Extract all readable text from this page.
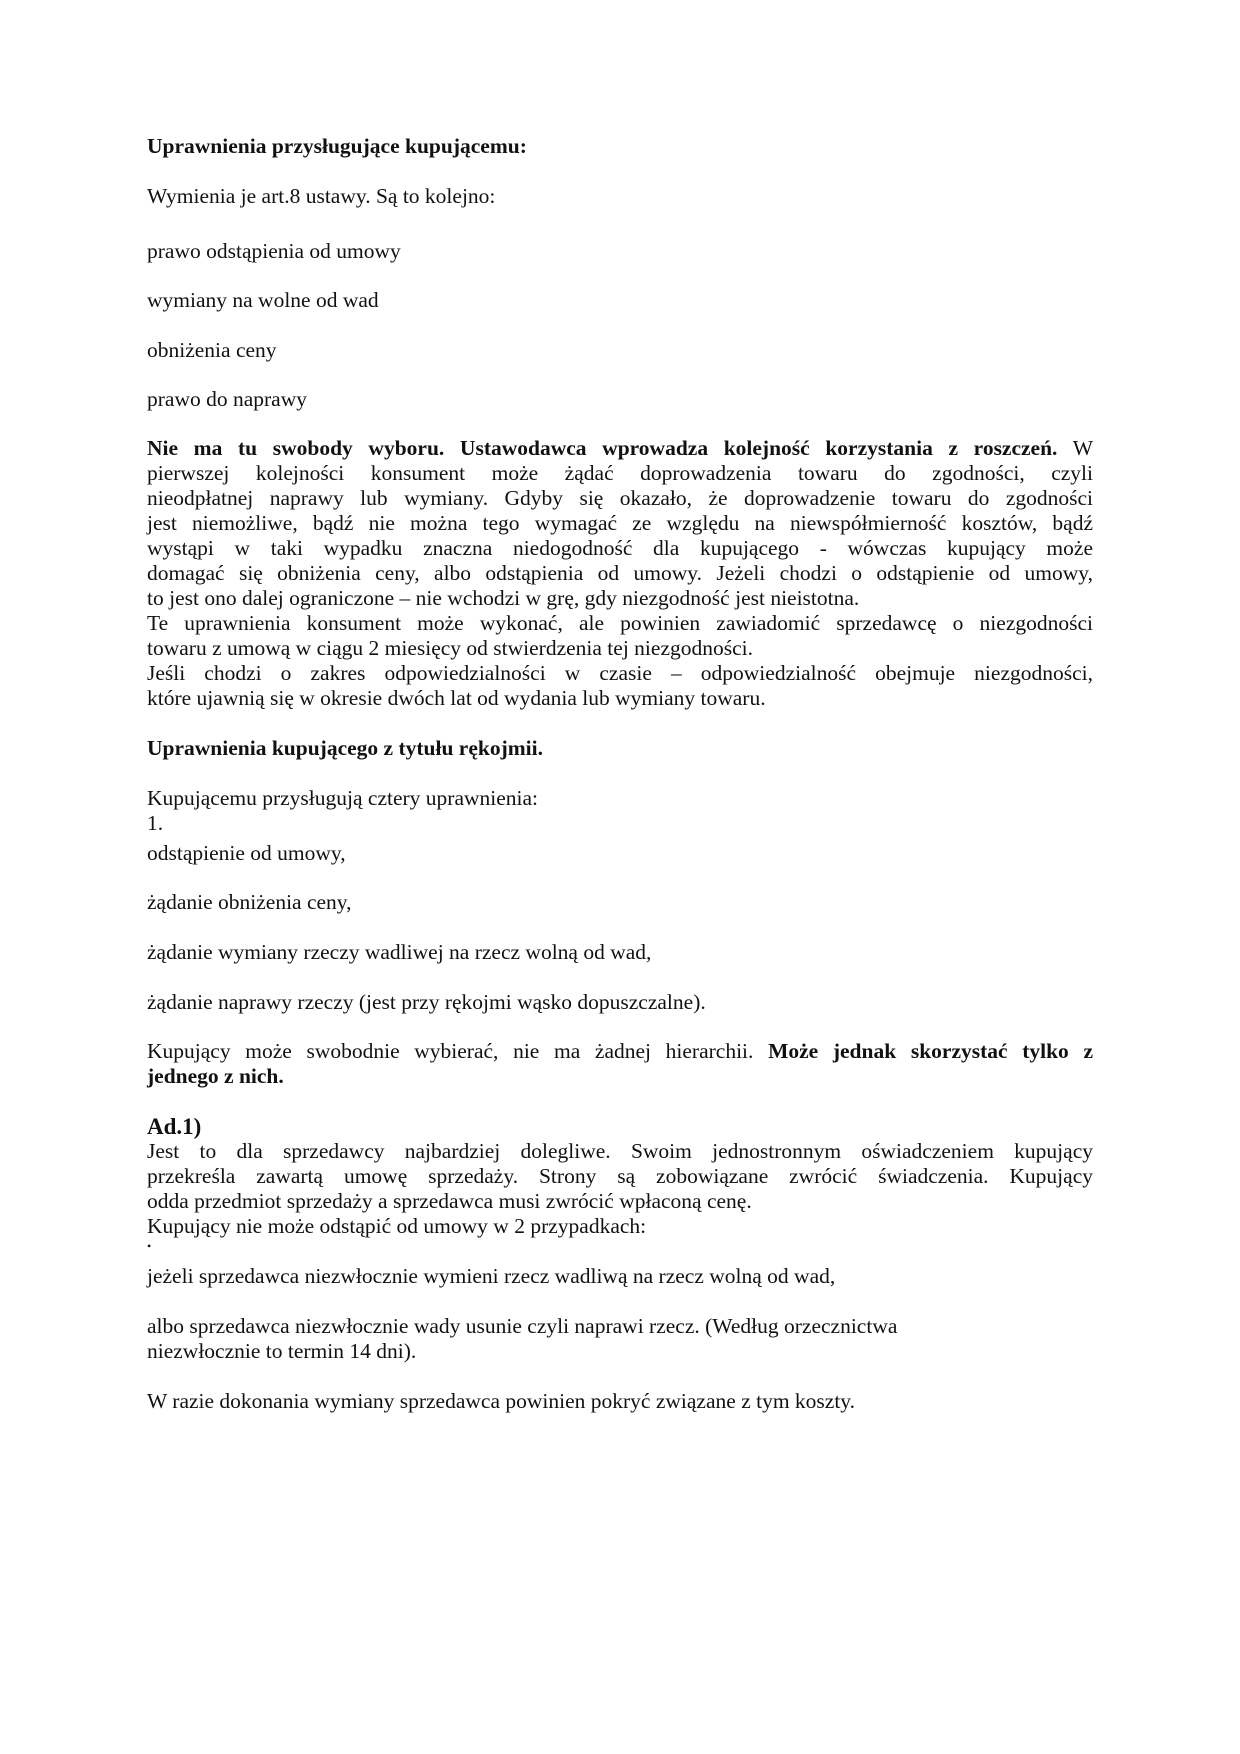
Uprawnienia przysługujące kupującemu:

Wymienia je art.8 ustawy. Są to kolejno:

prawo odstąpienia od umowy

wymiany na wolne od wad

obniżenia ceny

prawo do naprawy

Nie ma tu swobody wyboru. Ustawodawca wprowadza kolejność korzystania z roszczeń. W

pierwszej kolejności konsument może żądać doprowadzenia towaru do zgodności, czyli

nieodpłatnej naprawy lub wymiany. Gdyby się okazało, że doprowadzenie towaru do zgodności

jest niemożliwe, bądź nie można tego wymagać ze względu na niewspółmierność kosztów, bądź

wystąpi w taki wypadku znaczna niedogodność dla kupującego - wówczas kupujący może

domagać się obniżenia ceny, albo odstąpienia od umowy. Jeżeli chodzi o odstąpienie od umowy,

to jest ono dalej ograniczone – nie wchodzi w grę, gdy niezgodność jest nieistotna.

Te uprawnienia konsument może wykonać, ale powinien zawiadomić sprzedawcę o niezgodności

towaru z umową w ciągu 2 miesięcy od stwierdzenia tej niezgodności.

Jeśli chodzi o zakres odpowiedzialności w czasie – odpowiedzialność obejmuje niezgodności,

które ujawnią się w okresie dwóch lat od wydania lub wymiany towaru.

Uprawnienia kupującego z tytułu rękojmii.

Kupującemu przysługują cztery uprawnienia:

1.

odstąpienie od umowy,

żądanie obniżenia ceny,

żądanie wymiany rzeczy wadliwej na rzecz wolną od wad,

żądanie naprawy rzeczy (jest przy rękojmi wąsko dopuszczalne).

Kupujący może swobodnie wybierać, nie ma żadnej hierarchii. Może jednak skorzystać tylko z

jednego z nich.

Ad.1)

Jest to dla sprzedawcy najbardziej dolegliwe. Swoim jednostronnym oświadczeniem kupujący

przekreśla zawartą umowę sprzedaży. Strony są zobowiązane zwrócić świadczenia. Kupujący

odda przedmiot sprzedaży a sprzedawca musi zwrócić wpłaconą cenę.

Kupujący nie może odstąpić od umowy w 2 przypadkach:

•

jeżeli sprzedawca niezwłocznie wymieni rzecz wadliwą na rzecz wolną od wad,

albo sprzedawca niezwłocznie wady usunie czyli naprawi rzecz. (Według orzecznictwa

niezwłocznie to termin 14 dni).

W razie dokonania wymiany sprzedawca powinien pokryć związane z tym koszty.
